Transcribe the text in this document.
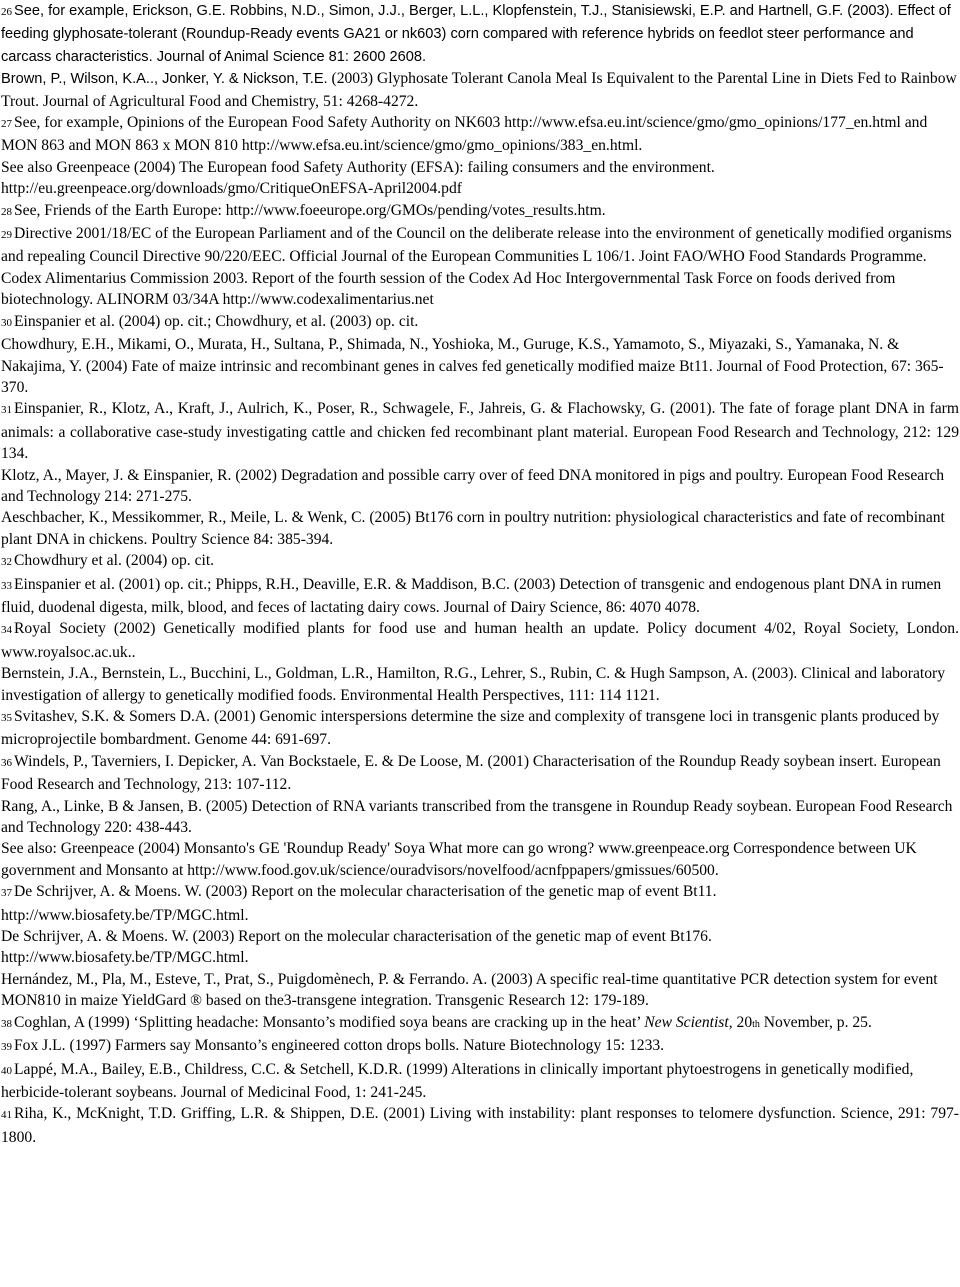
26 See, for example, Erickson, G.E. Robbins, N.D., Simon, J.J., Berger, L.L., Klopfenstein, T.J., Stanisiewski, E.P. and Hartnell, G.F. (2003). Effect of feeding glyphosate-tolerant (Roundup-Ready events GA21 or nk603) corn compared with reference hybrids on feedlot steer performance and carcass characteristics. Journal of Animal Science 81: 2600 2608.

Brown, P., Wilson, K.A.., Jonker, Y. & Nickson, T.E. (2003) Glyphosate Tolerant Canola Meal Is Equivalent to the Parental Line in Diets Fed to Rainbow Trout. Journal of Agricultural Food and Chemistry, 51: 4268-4272.

27 See, for example, Opinions of the European Food Safety Authority on NK603 http://www.efsa.eu.int/science/gmo/gmo_opinions/177_en.html and MON 863 and MON 863 x MON 810 http://www.efsa.eu.int/science/gmo/gmo_opinions/383_en.html.

See also Greenpeace (2004) The European food Safety Authority (EFSA): failing consumers and the environment. http://eu.greenpeace.org/downloads/gmo/CritiqueOnEFSA-April2004.pdf

28 See, Friends of the Earth Europe: http://www.foeeurope.org/GMOs/pending/votes_results.htm.

29 Directive 2001/18/EC of the European Parliament and of the Council on the deliberate release into the environment of genetically modified organisms and repealing Council Directive 90/220/EEC. Official Journal of the European Communities L 106/1. Joint FAO/WHO Food Standards Programme. Codex Alimentarius Commission 2003. Report of the fourth session of the Codex Ad Hoc Intergovernmental Task Force on foods derived from biotechnology. ALINORM 03/34A http://www.codexalimentarius.net

30 Einspanier et al. (2004) op. cit.; Chowdhury, et al. (2003) op. cit.

Chowdhury, E.H., Mikami, O., Murata, H., Sultana, P., Shimada, N., Yoshioka, M., Guruge, K.S., Yamamoto, S., Miyazaki, S., Yamanaka, N. & Nakajima, Y. (2004) Fate of maize intrinsic and recombinant genes in calves fed genetically modified maize Bt11. Journal of Food Protection, 67: 365-370.

31 Einspanier, R., Klotz, A., Kraft, J., Aulrich, K., Poser, R., Schwagele, F., Jahreis, G. & Flachowsky, G. (2001). The fate of forage plant DNA in farm animals: a collaborative case-study investigating cattle and chicken fed recombinant plant material. European Food Research and Technology, 212: 129 134.

Klotz, A., Mayer, J. & Einspanier, R. (2002) Degradation and possible carry over of feed DNA monitored in pigs and poultry. European Food Research and Technology 214: 271-275.

Aeschbacher, K., Messikommer, R., Meile, L. & Wenk, C. (2005) Bt176 corn in poultry nutrition: physiological characteristics and fate of recombinant plant DNA in chickens. Poultry Science 84: 385-394.

32 Chowdhury et al. (2004) op. cit.

33 Einspanier et al. (2001) op. cit.; Phipps, R.H., Deaville, E.R. & Maddison, B.C. (2003) Detection of transgenic and endogenous plant DNA in rumen fluid, duodenal digesta, milk, blood, and feces of lactating dairy cows. Journal of Dairy Science, 86: 4070 4078.

34 Royal Society (2002) Genetically modified plants for food use and human health an update. Policy document 4/02, Royal Society, London. www.royalsoc.ac.uk..

Bernstein, J.A., Bernstein, L., Bucchini, L., Goldman, L.R., Hamilton, R.G., Lehrer, S., Rubin, C. & Hugh Sampson, A. (2003). Clinical and laboratory investigation of allergy to genetically modified foods. Environmental Health Perspectives, 111: 114 1121.

35 Svitashev, S.K. & Somers D.A. (2001) Genomic interspersions determine the size and complexity of transgene loci in transgenic plants produced by microprojectile bombardment. Genome 44: 691-697.

36 Windels, P., Taverniers, I. Depicker, A. Van Bockstaele, E. & De Loose, M. (2001) Characterisation of the Roundup Ready soybean insert. European Food Research and Technology, 213: 107-112.

Rang, A., Linke, B & Jansen, B. (2005) Detection of RNA variants transcribed from the transgene in Roundup Ready soybean. European Food Research and Technology 220: 438-443.

See also: Greenpeace (2004) Monsanto's GE 'Roundup Ready' Soya What more can go wrong? www.greenpeace.org Correspondence between UK government and Monsanto at http://www.food.gov.uk/science/ouradvisors/novelfood/acnfppapers/gmissues/60500.

37 De Schrijver, A. & Moens. W. (2003) Report on the molecular characterisation of the genetic map of event Bt11. http://www.biosafety.be/TP/MGC.html.

De Schrijver, A. & Moens. W. (2003) Report on the molecular characterisation of the genetic map of event Bt176. http://www.biosafety.be/TP/MGC.html.

Hernández, M., Pla, M., Esteve, T., Prat, S., Puigdomènech, P. & Ferrando. A. (2003) A specific real-time quantitative PCR detection system for event MON810 in maize YieldGard ® based on the3-transgene integration. Transgenic Research 12: 179-189.

38 Coghlan, A (1999) ‘Splitting headache: Monsanto’s modified soya beans are cracking up in the heat’ New Scientist, 20th November, p. 25.

39 Fox J.L. (1997) Farmers say Monsanto’s engineered cotton drops bolls. Nature Biotechnology 15: 1233.

40 Lappé, M.A., Bailey, E.B., Childress, C.C. & Setchell, K.D.R. (1999) Alterations in clinically important phytoestrogens in genetically modified, herbicide-tolerant soybeans. Journal of Medicinal Food, 1: 241-245.

41 Riha, K., McKnight, T.D. Griffing, L.R. & Shippen, D.E. (2001) Living with instability: plant responses to telomere dysfunction. Science, 291: 797-1800.
